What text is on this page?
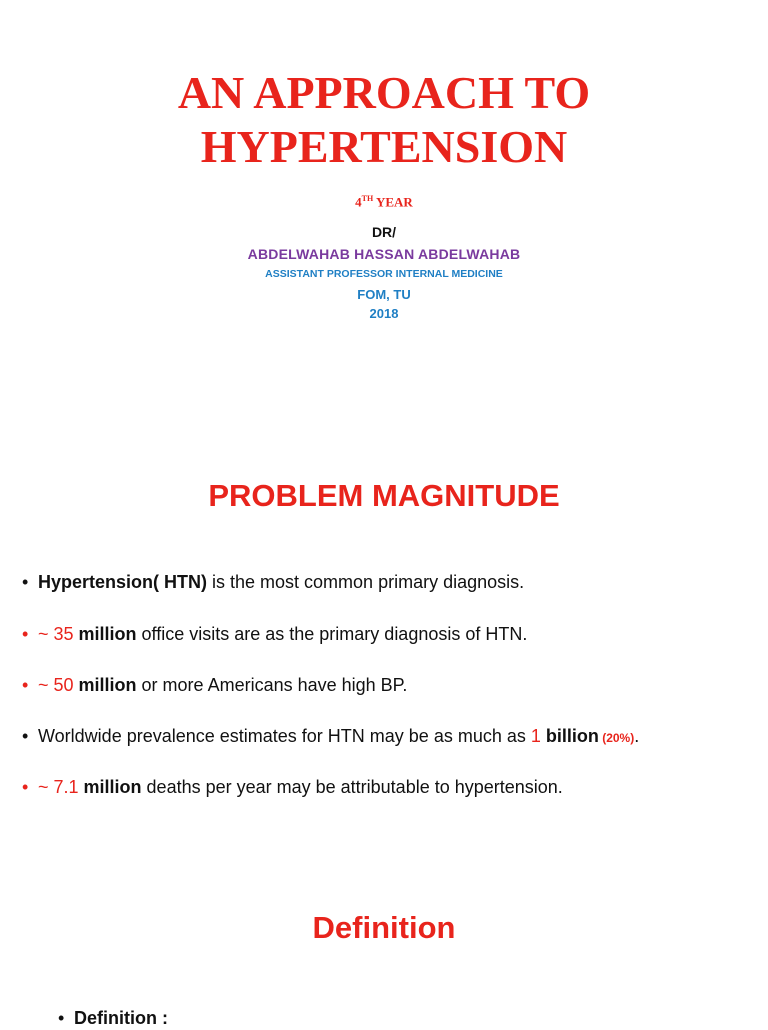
AN APPROACH TO
HYPERTENSION
4TH YEAR
DR/
ABDELWAHAB HASSAN ABDELWAHAB
ASSISTANT PROFESSOR INTERNAL MEDICINE
FOM, TU
2018
PROBLEM MAGNITUDE
• Hypertension( HTN) is the most common primary diagnosis.
• ~ 35 million office visits are as the primary diagnosis of HTN.
• ~ 50 million or more Americans have high BP.
• Worldwide prevalence estimates for HTN may be as much as 1 billion (20%).
• ~ 7.1 million deaths per year may be attributable to hypertension.
Definition
• Definition :
